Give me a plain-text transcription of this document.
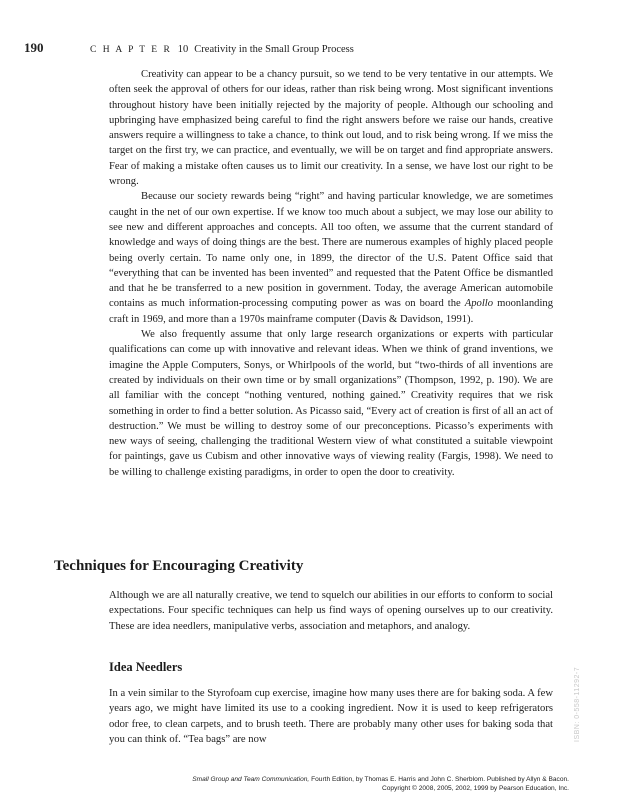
190	C H A P T E R 10 Creativity in the Small Group Process

Creativity can appear to be a chancy pursuit, so we tend to be very tentative in our attempts. We often seek the approval of others for our ideas, rather than risk being wrong. Most significant inventions throughout history have been initially rejected by the majority of people. Although our schooling and upbringing have emphasized being careful to find the right answers before we raise our hands, creative answers require a willingness to take a chance, to think out loud, and to risk being wrong. If we miss the target on the first try, we can practice, and eventually, we will be on target and find appropriate answers. Fear of making a mistake often causes us to limit our creativity. In a sense, we have lost our right to be wrong.

Because our society rewards being “right” and having particular knowledge, we are sometimes caught in the net of our own expertise. If we know too much about a subject, we may lose our ability to see new and different approaches and concepts. All too often, we assume that the current standard of knowledge and ways of doing things are the best. There are numerous examples of highly placed people being overly certain. To name only one, in 1899, the director of the U.S. Patent Office said that “everything that can be invented has been invented” and requested that the Patent Office be dismantled and that he be transferred to a new position in government. Today, the average American automobile contains as much information-processing computing power as was on board the Apollo moonlanding craft in 1969, and more than a 1970s mainframe computer (Davis & Davidson, 1991).

We also frequently assume that only large research organizations or experts with particular qualifications can come up with innovative and relevant ideas. When we think of grand inventions, we imagine the Apple Computers, Sonys, or Whirlpools of the world, but “two-thirds of all inventions are created by individuals on their own time or by small organizations” (Thompson, 1992, p. 190). We are all familiar with the concept “nothing ventured, nothing gained.” Creativity requires that we risk something in order to find a better solution. As Picasso said, “Every act of creation is first of all an act of destruction.” We must be willing to destroy some of our preconceptions. Picasso’s experiments with new ways of seeing, challenging the traditional Western view of what constituted a suitable viewpoint for paintings, gave us Cubism and other innovative ways of viewing reality (Fargis, 1998). We need to be willing to challenge existing paradigms, in order to open the door to creativity.

Techniques for Encouraging Creativity

Although we are all naturally creative, we tend to squelch our abilities in our efforts to conform to social expectations. Four specific techniques can help us find ways of opening ourselves up to our creativity. These are idea needlers, manipulative verbs, association and metaphors, and analogy.

Idea Needlers

In a vein similar to the Styrofoam cup exercise, imagine how many uses there are for baking soda. A few years ago, we might have limited its use to a cooking ingredient. Now it is used to keep refrigerators odor free, to clean carpets, and to brush teeth. There are probably many other uses for baking soda that you can think of. “Tea bags” are now	ISBN: 0-558-11292-7
Small Group and Team Communication, Fourth Edition, by Thomas E. Harris and John C. Sherblom. Published by Allyn & Bacon.
Copyright © 2008, 2005, 2002, 1999 by Pearson Education, Inc.
